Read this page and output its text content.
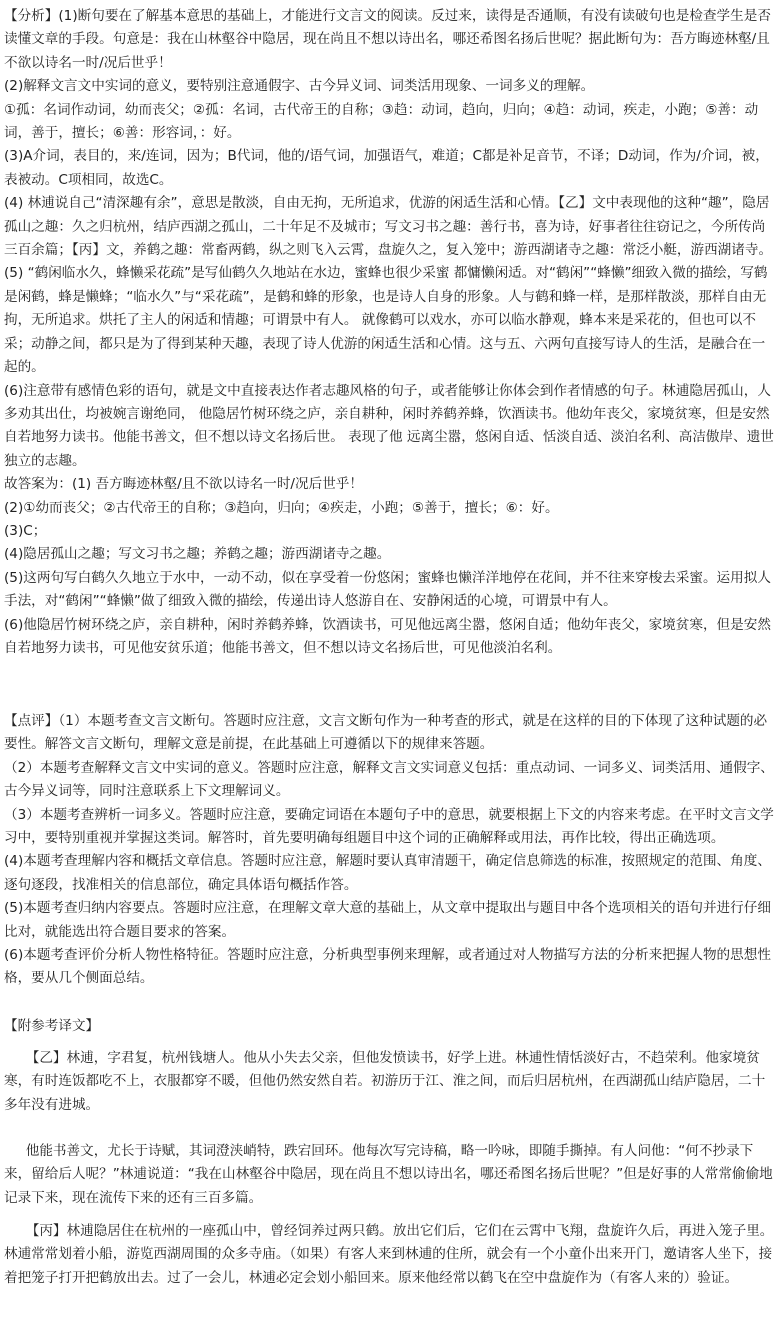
【分析】(1)断句要在了解基本意思的基础上，才能进行文言文的阅读。反过来，读得是否通顺，有没有读破句也是检查学生是否读懂文章的手段。句意是：我在山林壑谷中隐居，现在尚且不想以诗出名，哪还希图名扬后世呢？据此断句为：吾方晦迹林壑/且不欲以诗名一时/况后世乎！

(2)解释文言文中实词的意义，要特别注意通假字、古今异义词、词类活用现象、一词多义的理解。

①孤：名词作动词，幼而丧父；②孤：名词，古代帝王的自称；③趋：动词，趋向，归向；④趋：动词，疾走，小跑；⑤善：动词，善于，擅长；⑥善：形容词，：好。

(3)A介词，表目的，来/连词，因为；B代词，他的/语气词，加强语气，难道；C都是补足音节，不译；D动词，作为/介词，被，表被动。C项相同，故选C。

(4) 林逋说自己“清深趣有余”，意思是散淡，自由无拘，无所追求，优游的闲适生活和心情。【乙】文中表现他的这种“趣”，隐居孤山之趣：久之归杭州，结庐西湖之孤山，二十年足不及城市；写文习书之趣：善行书，喜为诗，好事者往往窃记之，今所传尚三百余篇；【丙】文，养鹤之趣：常畜两鹤，纵之则飞入云霄，盘旋久之，复入笼中；游西湖诸寺之趣：常泛小艇，游西湖诸寺。

(5) “鹤闲临水久，蜂懒采花疏”是写仙鹤久久地站在水边，蜜蜂也很少采蜜 都慵懒闲适。对“鹤闲”“蜂懒”细致入微的描绘，写鹤是闲鹤，蜂是懒蜂；“临水久”与“采花疏”，是鹤和蜂的形象，也是诗人自身的形象。人与鹤和蜂一样，是那样散淡，那样自由无拘，无所追求。烘托了主人的闲适和情趣；可谓景中有人。 就像鹤可以戏水，亦可以临水静观，蜂本来是采花的，但也可以不采；动静之间，都只是为了得到某种天趣，表现了诗人优游的闲适生活和心情。这与五、六两句直接写诗人的生活，是融合在一起的。

(6)注意带有感情色彩的语句，就是文中直接表达作者志趣风格的句子，或者能够让你体会到作者情感的句子。林逋隐居孤山，人多劝其出仕，均被婉言谢绝同， 他隐居竹树环绕之庐，亲自耕种，闲时养鹤养蜂，饮酒读书。他幼年丧父，家境贫寒，但是安然自若地努力读书。他能书善文，但不想以诗文名扬后世。 表现了他 远离尘嚣，悠闲自适、恬淡自适、淡泊名利、高洁傲岸、遗世独立的志趣。

故答案为：(1) 吾方晦迹林壑/且不欲以诗名一时/况后世乎！

(2)①幼而丧父；②古代帝王的自称；③趋向，归向；④疾走，小跑；⑤善于，擅长；⑥：好。

(3)C；

(4)隐居孤山之趣；写文习书之趣；养鹤之趣；游西湖诸寺之趣。

(5)这两句写白鹤久久地立于水中，一动不动，似在享受着一份悠闲；蜜蜂也懒洋洋地停在花间，并不往来穿梭去采蜜。运用拟人手法，对“鹤闲”“蜂懒”做了细致入微的描绘，传递出诗人悠游自在、安静闲适的心境，可谓景中有人。

(6)他隐居竹树环绕之庐，亲自耕种，闲时养鹤养蜂，饮酒读书，可见他远离尘嚣，悠闲自适；他幼年丧父，家境贫寒，但是安然自若地努力读书，可见他安贫乐道；他能书善文，但不想以诗文名扬后世，可见他淡泊名利。

【点评】（1）本题考查文言文断句。答题时应注意，文言文断句作为一种考查的形式，就是在这样的目的下体现了这种试题的必要性。解答文言文断句，理解文意是前提，在此基础上可遵循以下的规律来答题。

（2）本题考查解释文言文中实词的意义。答题时应注意，解释文言文实词意义包括：重点动词、一词多义、词类活用、通假字、古今异义词等，同时注意联系上下文理解词义。

（3）本题考查辨析一词多义。答题时应注意，要确定词语在本题句子中的意思，就要根据上下文的内容来考虑。在平时文言文学习中，要特别重视并掌握这类词。解答时，首先要明确每组题目中这个词的正确解释或用法，再作比较，得出正确选项。

(4)本题考查理解内容和概括文章信息。答题时应注意，解题时要认真审清题干，确定信息筛选的标准，按照规定的范围、角度、逐句逐段，找准相关的信息部位，确定具体语句概括作答。

(5)本题考查归纳内容要点。答题时应注意，在理解文章大意的基础上，从文章中提取出与题目中各个选项相关的语句并进行仔细比对，就能选出符合题目要求的答案。

(6)本题考查评价分析人物性格特征。答题时应注意，分析典型事例来理解，或者通过对人物描写方法的分析来把握人物的思想性格，要从几个侧面总结。

【附参考译文】

【乙】林逋，字君复，杭州钱塘人。他从小失去父亲，但他发愤读书，好学上进。林逋性情恬淡好古，不趋荣利。他家境贫寒，有时连饭都吃不上，衣服都穿不暖，但他仍然安然自若。初游历于江、淮之间，而后归居杭州，在西湖孤山结庐隐居，二十多年没有进城。

他能书善文，尤长于诗赋，其词澄浃峭特，跌宕回环。他每次写完诗稿，略一吟咏，即随手撕掉。有人问他：“何不抄录下来，留给后人呢？”林逋说道：“我在山林壑谷中隐居，现在尚且不想以诗出名，哪还希图名扬后世呢？”但是好事的人常常偷偷地记录下来，现在流传下来的还有三百多篇。

【丙】林逋隐居住在杭州的一座孤山中，曾经饲养过两只鹤。放出它们后，它们在云霄中飞翔，盘旋许久后，再进入笼子里。林逋常常划着小船，游览西湖周围的众多寺庙。（如果）有客人来到林逋的住所，就会有一个小童仆出来开门，邀请客人坐下，接着把笼子打开把鹤放出去。过了一会儿，林逋必定会划小船回来。原来他经常以鹤飞在空中盘旋作为（有客人来的）验证。
